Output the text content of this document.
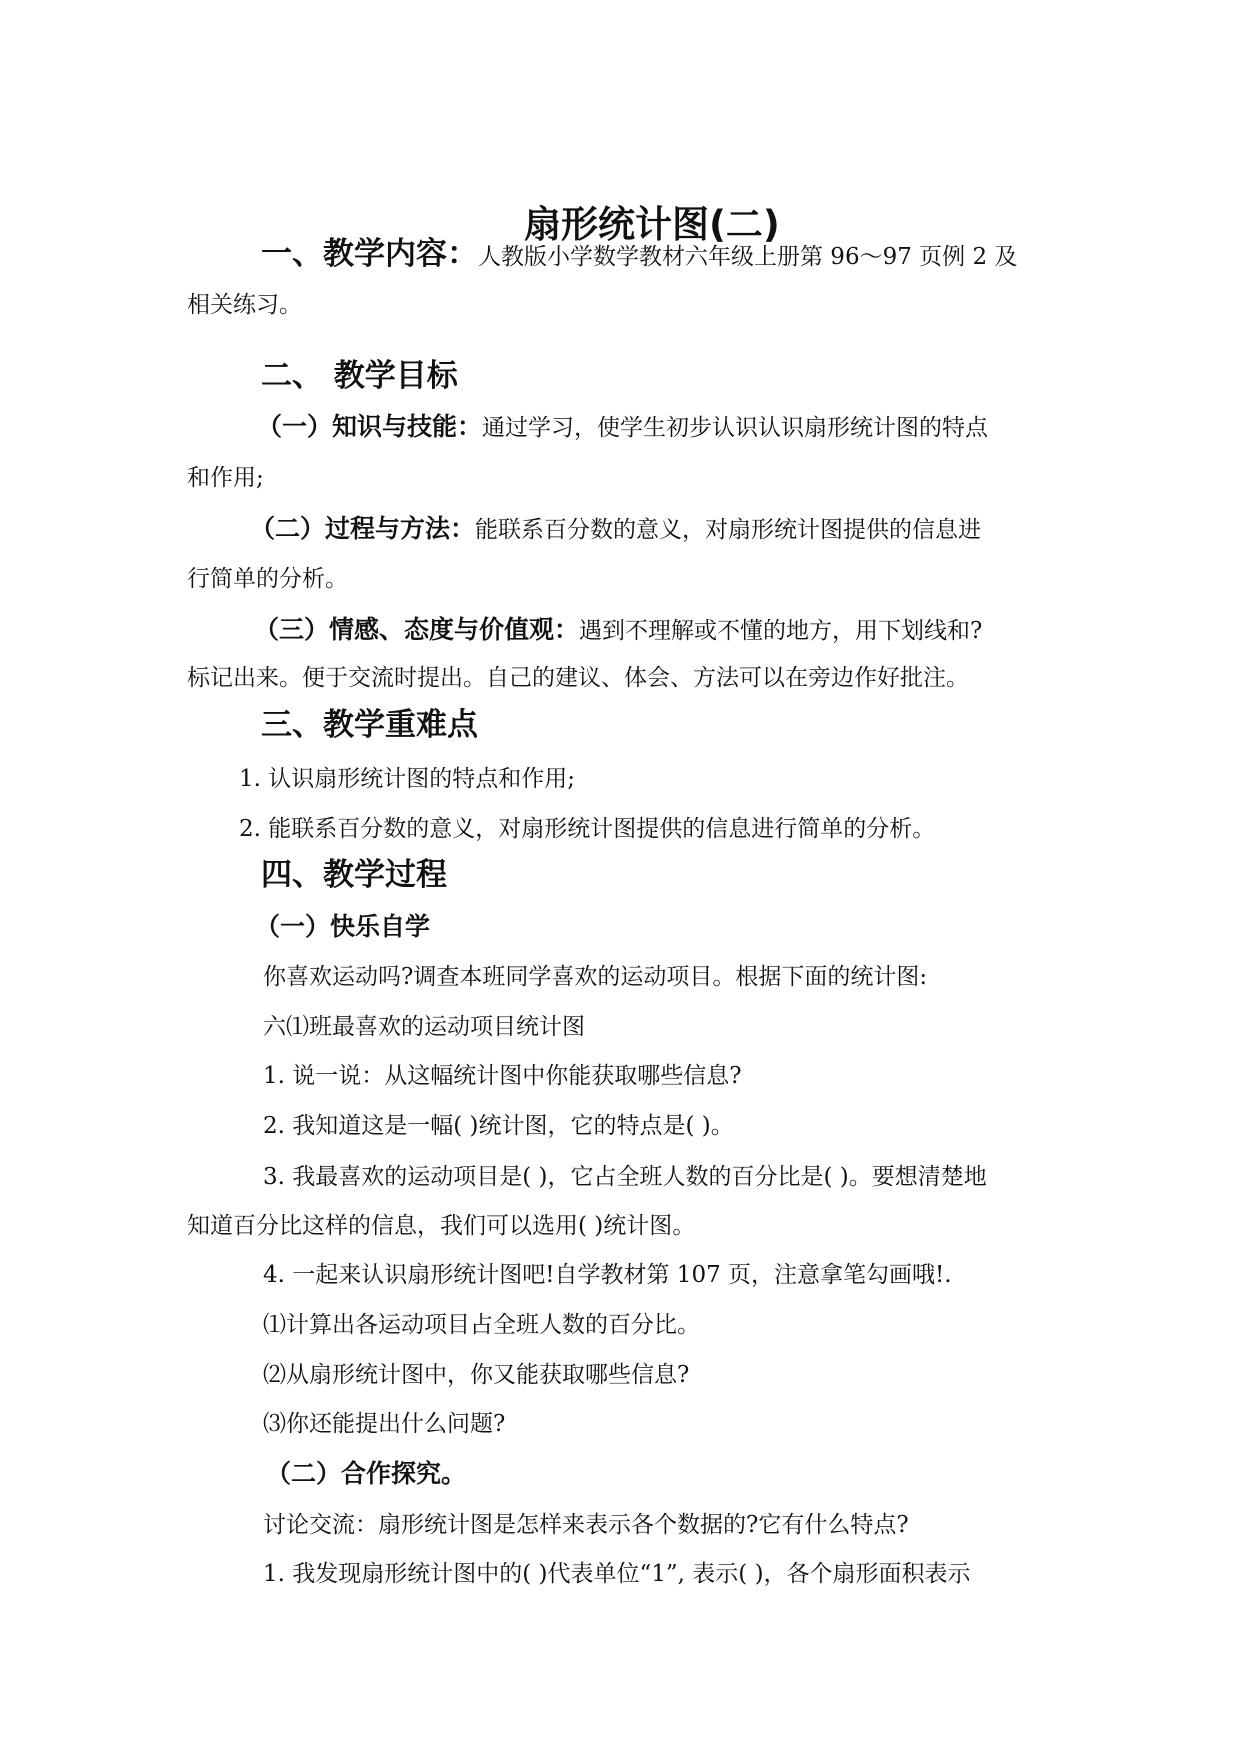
扇形统计图(二)
一、教学内容：人教版小学数学教材六年级上册第 96～97 页例 2 及
相关练习。
二、 教学目标
（一）知识与技能：通过学习，使学生初步认识认识扇形统计图的特点
和作用;
（二）过程与方法：能联系百分数的意义，对扇形统计图提供的信息进
行简单的分析。
（三）情感、态度与价值观：遇到不理解或不懂的地方，用下划线和?
标记出来。便于交流时提出。自己的建议、体会、方法可以在旁边作好批注。
三、教学重难点
1. 认识扇形统计图的特点和作用;
2. 能联系百分数的意义，对扇形统计图提供的信息进行简单的分析。
四、教学过程
（一）快乐自学
你喜欢运动吗?调查本班同学喜欢的运动项目。根据下面的统计图:
六⑴班最喜欢的运动项目统计图
1. 说一说：从这幅统计图中你能获取哪些信息?
2. 我知道这是一幅( )统计图，它的特点是( )。
3. 我最喜欢的运动项目是( )，它占全班人数的百分比是( )。要想清楚地
知道百分比这样的信息，我们可以选用( )统计图。
4. 一起来认识扇形统计图吧!自学教材第 107 页，注意拿笔勾画哦!.
⑴计算出各运动项目占全班人数的百分比。
⑵从扇形统计图中，你又能获取哪些信息?
⑶你还能提出什么问题?
（二）合作探究。
讨论交流：扇形统计图是怎样来表示各个数据的?它有什么特点?
1. 我发现扇形统计图中的( )代表单位“1”, 表示( )，各个扇形面积表示
